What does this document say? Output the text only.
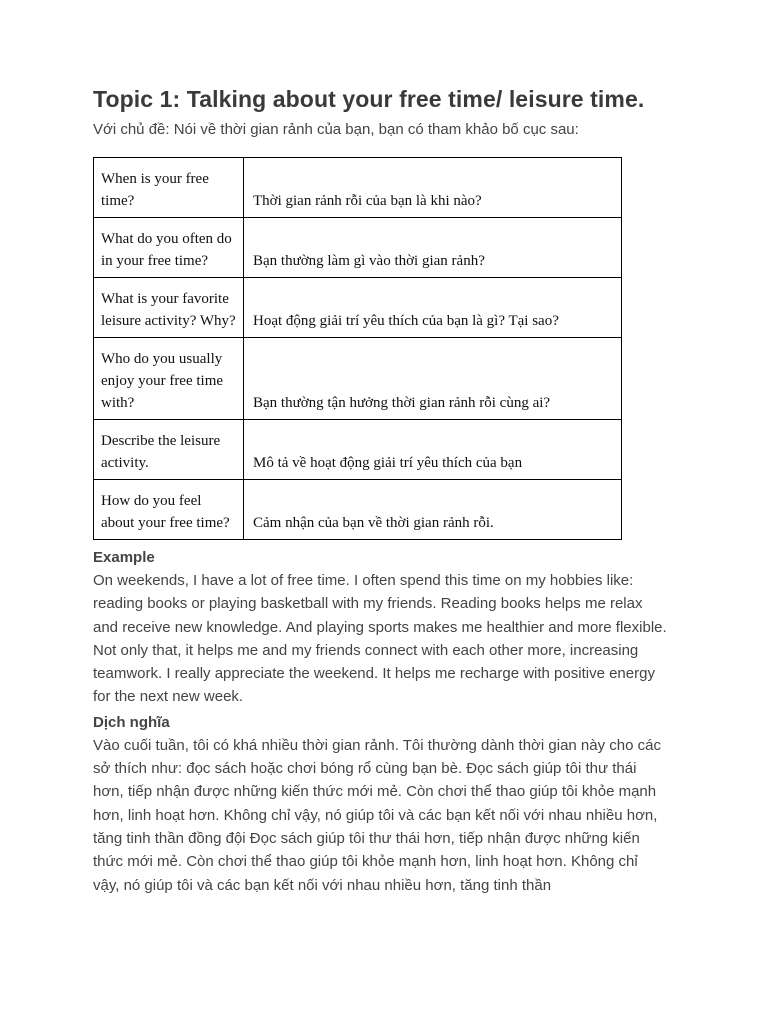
Topic 1: Talking about your free time/ leisure time.

Với chủ đề: Nói về thời gian rảnh của bạn, bạn có tham khảo bố cục sau:

When is your free time?	Thời gian rảnh rỗi của bạn là khi nào?

What do you often do in your free time?	Bạn thường làm gì vào thời gian rảnh?

What is your favorite leisure activity? Why?	Hoạt động giải trí yêu thích của bạn là gì? Tại sao?

Who do you usually enjoy your free time with?	Bạn thường tận hưởng thời gian rảnh rỗi cùng ai?

Describe the leisure activity.	Mô tả về hoạt động giải trí yêu thích của bạn

How do you feel about your free time?	Cảm nhận của bạn về thời gian rảnh rỗi.

Example

On weekends, I have a lot of free time. I often spend this time on my hobbies like: reading books or playing basketball with my friends. Reading books helps me relax and receive new knowledge. And playing sports makes me healthier and more flexible. Not only that, it helps me and my friends connect with each other more, increasing teamwork. I really appreciate the weekend. It helps me recharge with positive energy for the next new week.

Dịch nghĩa

Vào cuối tuần, tôi có khá nhiều thời gian rảnh. Tôi thường dành thời gian này cho các sở thích như: đọc sách hoặc chơi bóng rổ cùng bạn bè. Đọc sách giúp tôi thư thái hơn, tiếp nhận được những kiến thức mới mẻ. Còn chơi thể thao giúp tôi khỏe mạnh hơn, linh hoạt hơn. Không chỉ vậy, nó giúp tôi và các bạn kết nối với nhau nhiều hơn, tăng tinh thần đồng đội Đọc sách giúp tôi thư thái hơn, tiếp nhận được những kiến thức mới mẻ. Còn chơi thể thao giúp tôi khỏe mạnh hơn, linh hoạt hơn. Không chỉ vậy, nó giúp tôi và các bạn kết nối với nhau nhiều hơn, tăng tinh thần
